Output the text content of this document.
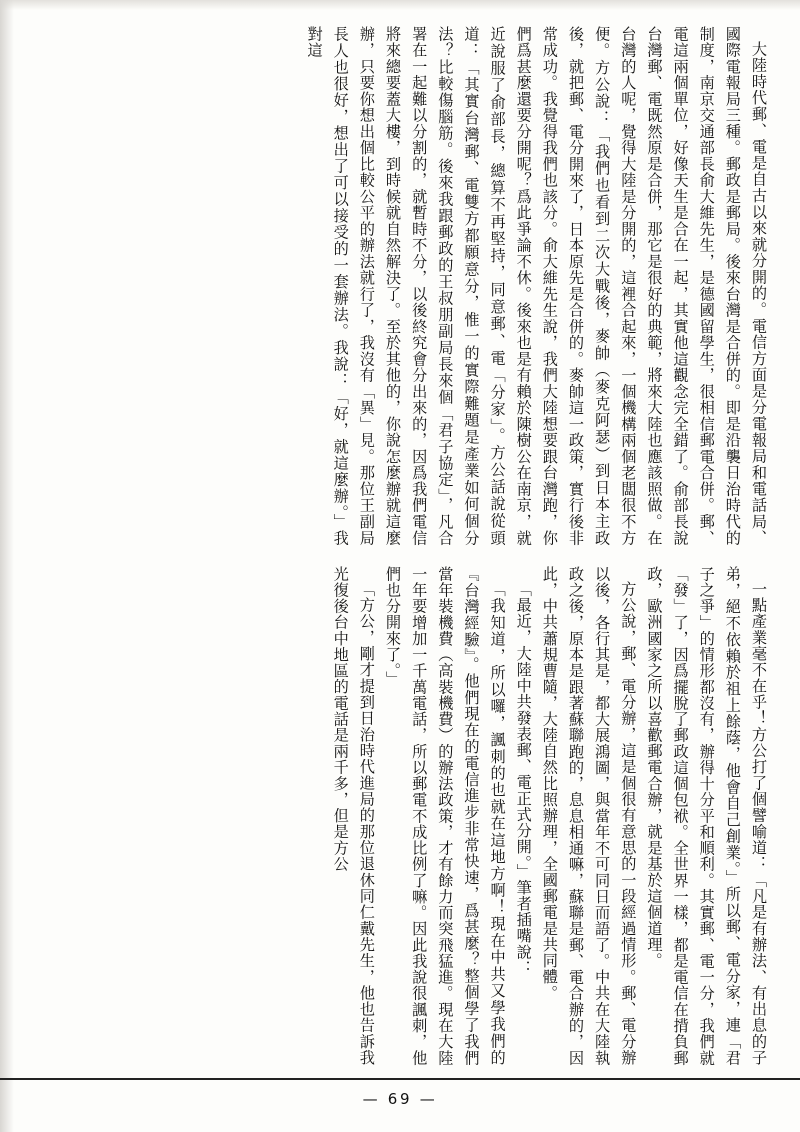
大陸時代郵、電是自古以來就分開的。電信方面是分電報局和電話局、國際電報局三種。郵政是郵局。後來台灣是合併的。即是沿襲日治時代的制度，南京交通部長俞大維先生，是德國留學生，很相信郵電合併。郵、電這兩個單位，好像天生是合在一起，其實他這觀念完全錯了。俞部長說台灣郵、電既然原是合併，那它是很好的典範，將來大陸也應該照做。在台灣的人呢，覺得大陸是分開的，這裡合起來，一個機構兩個老闆很不方便。方公說：「我們也看到二次大戰後，麥帥（麥克阿瑟）到日本主政後，就把郵、電分開來了，日本原先是合併的。麥帥這一政策，實行後非常成功。我覺得我們也該分。俞大維先生說，我們大陸想要跟台灣跑，你們爲甚麼還要分開呢？爲此爭論不休。後來也是有賴於陳樹公在南京，就近說服了俞部長，總算不再堅持，同意郵、電「分家」。方公話說從頭道：「其實台灣郵、電雙方都願意分，惟一的實際難題是產業如何個分法？比較傷腦筋。後來我跟郵政的王叔朋副局長來個「君子協定」，凡合署在一起難以分割的，就暫時不分，以後終究會分出來的，因爲我們電信將來總要蓋大樓，到時候就自然解決了。至於其他的，你說怎麼辦就這麼辦，只要你想出個比較公平的辦法就行了，我沒有「異」見。那位王副局長人也很好，想出了可以接受的一套辦法。我說：「好，就這麼辦。」我對這
一點產業毫不在乎！方公打了個譬喻道：「凡是有辦法、有出息的子弟，絕不依賴於祖上餘蔭，他會自己創業。」所以郵、電分家，連「君子之爭」的情形都沒有，辦得十分平和順利。其實郵、電一分，我們就「發」了，因爲擺脫了郵政這個包袱。全世界一樣，都是電信在揹負郵政，歐洲國家之所以喜歡郵電合辦，就是基於這個道理。
方公說，郵、電分辦，這是個很有意思的一段經過情形。郵、電分辦以後，各行其是，都大展鴻圖，與當年不可同日而語了。中共在大陸執政之後，原本是跟著蘇聯跑的，息息相通嘛，蘇聯是郵、電合辦的，因此，中共蕭規曹隨，大陸自然比照辦理，全國郵電是共同體。
「最近，大陸中共發表郵、電正式分開。」筆者插嘴說：
「我知道，所以囉，諷刺的也就在這地方啊！現在中共又學我們的『台灣經驗』。他們現在的電信進步非常快速，爲甚麼？整個學了我們當年裝機費（高裝機費）的辦法政策，才有餘力而突飛猛進。現在大陸一年要增加一千萬電話，所以郵電不成比例了嘛。因此我說很諷刺，他們也分開來了。」
「方公，剛才提到日治時代進局的那位退休同仁戴先生，他也告訴我光復後台中地區的電話是兩千多，但是方公
— 69 —
